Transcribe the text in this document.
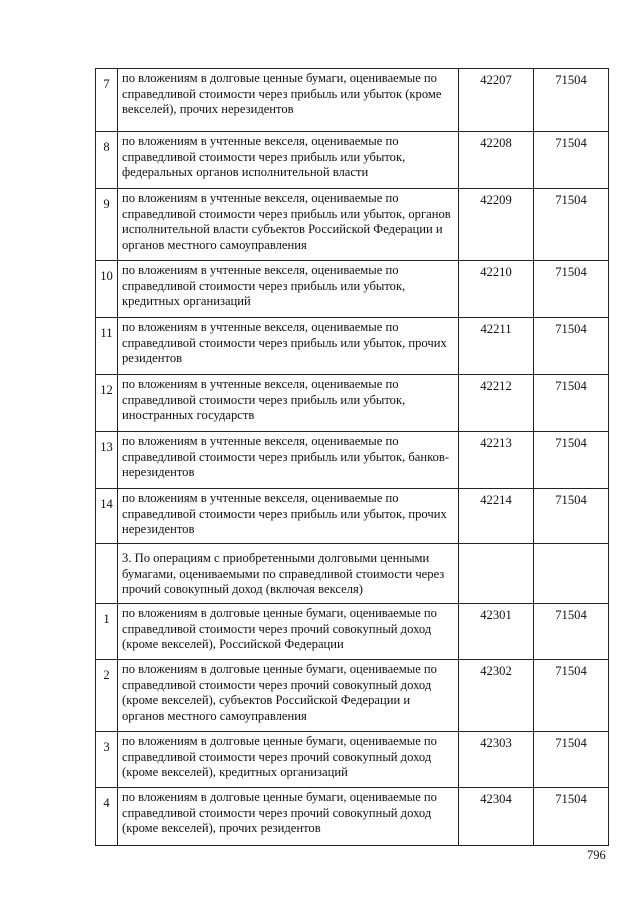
7	по вложениям в долговые ценные бумаги, оцениваемые по справедливой стоимости через прибыль или убыток (кроме векселей), прочих нерезидентов	42207	71504
8	по вложениям в учтенные векселя, оцениваемые по справедливой стоимости через прибыль или убыток, федеральных органов исполнительной власти	42208	71504
9	по вложениям в учтенные векселя, оцениваемые по справедливой стоимости через прибыль или убыток, органов исполнительной власти субъектов Российской Федерации и органов местного самоуправления	42209	71504
10	по вложениям в учтенные векселя, оцениваемые по справедливой стоимости через прибыль или убыток, кредитных организаций	42210	71504
11	по вложениям в учтенные векселя, оцениваемые по справедливой стоимости через прибыль или убыток, прочих резидентов	42211	71504
12	по вложениям в учтенные векселя, оцениваемые по справедливой стоимости через прибыль или убыток, иностранных государств	42212	71504
13	по вложениям в учтенные векселя, оцениваемые по справедливой стоимости через прибыль или убыток, банков-нерезидентов	42213	71504
14	по вложениям в учтенные векселя, оцениваемые по справедливой стоимости через прибыль или убыток, прочих нерезидентов	42214	71504
	3. По операциям с приобретенными долговыми ценными бумагами, оцениваемыми по справедливой стоимости через прочий совокупный доход (включая векселя)		
1	по вложениям в долговые ценные бумаги, оцениваемые по справедливой стоимости через прочий совокупный доход (кроме векселей), Российской Федерации	42301	71504
2	по вложениям в долговые ценные бумаги, оцениваемые по справедливой стоимости через прочий совокупный доход (кроме векселей), субъектов Российской Федерации и органов местного самоуправления	42302	71504
3	по вложениям в долговые ценные бумаги, оцениваемые по справедливой стоимости через прочий совокупный доход (кроме векселей), кредитных организаций	42303	71504
4	по вложениям в долговые ценные бумаги, оцениваемые по справедливой стоимости через прочий совокупный доход (кроме векселей), прочих резидентов	42304	71504
796
